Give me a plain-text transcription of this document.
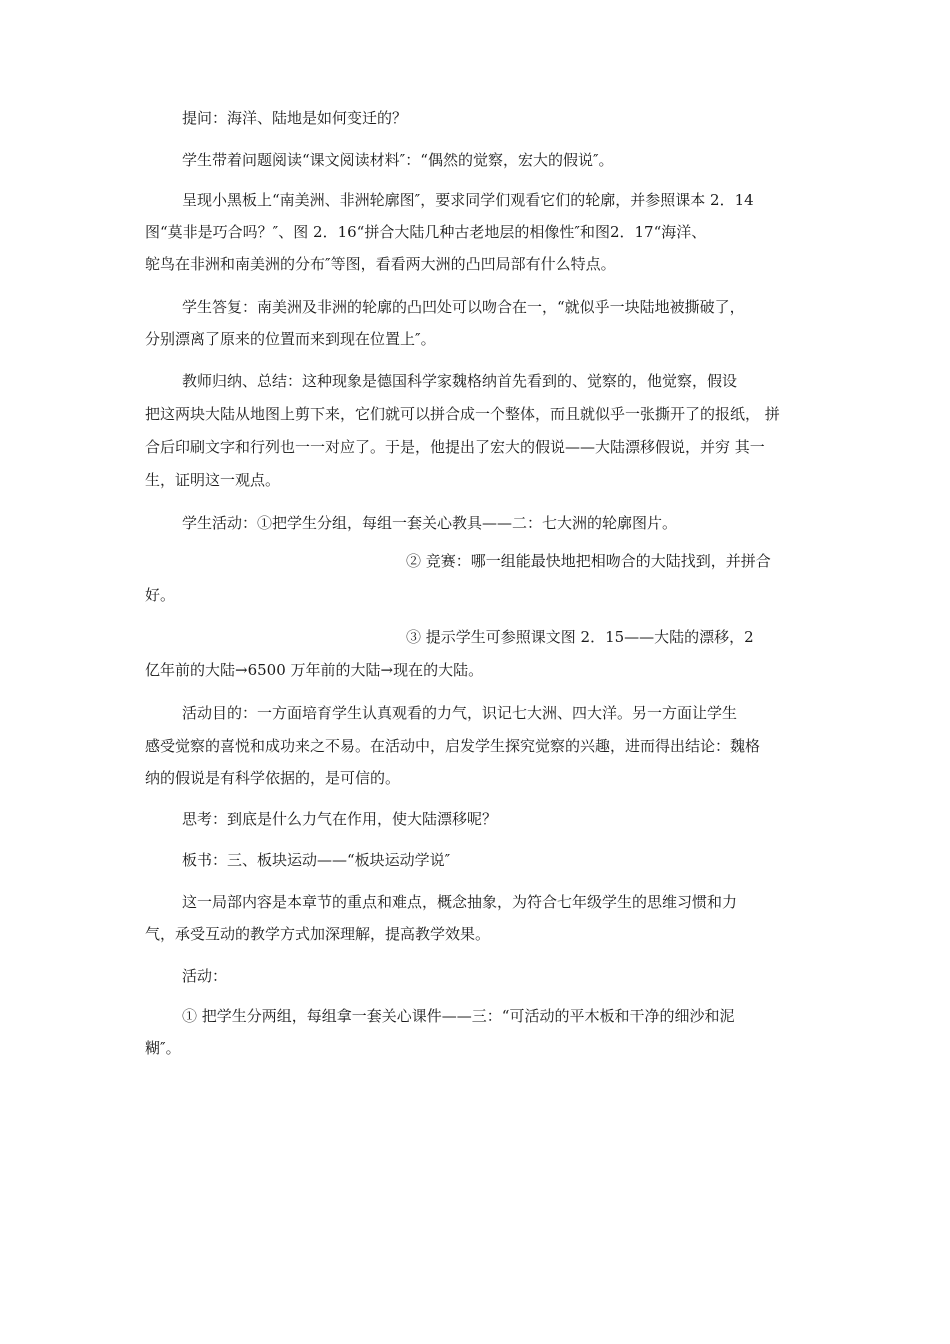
提问：海洋、陆地是如何变迁的？
学生带着问题阅读“课文阅读材料″：“偶然的觉察，宏大的假说″。
呈现小黑板上“南美洲、非洲轮廓图″，要求同学们观看它们的轮廓，并参照课本 2．14
图“莫非是巧合吗？″、图 2．16“拼合大陆几种古老地层的相像性″和图2．17“海洋、
鸵鸟在非洲和南美洲的分布″等图，看看两大洲的凸凹局部有什么特点。
学生答复：南美洲及非洲的轮廓的凸凹处可以吻合在一，“就似乎一块陆地被撕破了，
分别漂离了原来的位置而来到现在位置上″。
教师归纳、总结：这种现象是德国科学家魏格纳首先看到的、觉察的，他觉察，假设
把这两块大陆从地图上剪下来，它们就可以拼合成一个整体，而且就似乎一张撕开了的报纸， 拼
合后印刷文字和行列也一一对应了。于是，他提出了宏大的假说——大陆漂移假说，并穷 其一
生，证明这一观点。
学生活动：①把学生分组，每组一套关心教具——二：七大洲的轮廓图片。
② 竞赛：哪一组能最快地把相吻合的大陆找到，并拼合
好。
③ 提示学生可参照课文图 2．15——大陆的漂移，2
亿年前的大陆→6500 万年前的大陆→现在的大陆。
活动目的：一方面培育学生认真观看的力气，识记七大洲、四大洋。另一方面让学生
感受觉察的喜悦和成功来之不易。在活动中，启发学生探究觉察的兴趣，进而得出结论：魏格
纳的假说是有科学依据的，是可信的。
思考：到底是什么力气在作用，使大陆漂移呢？
板书：三、板块运动——“板块运动学说″
这一局部内容是本章节的重点和难点，概念抽象，为符合七年级学生的思维习惯和力
气，承受互动的教学方式加深理解，提高教学效果。
活动：
① 把学生分两组，每组拿一套关心课件——三：“可活动的平木板和干净的细沙和泥
糊″。
